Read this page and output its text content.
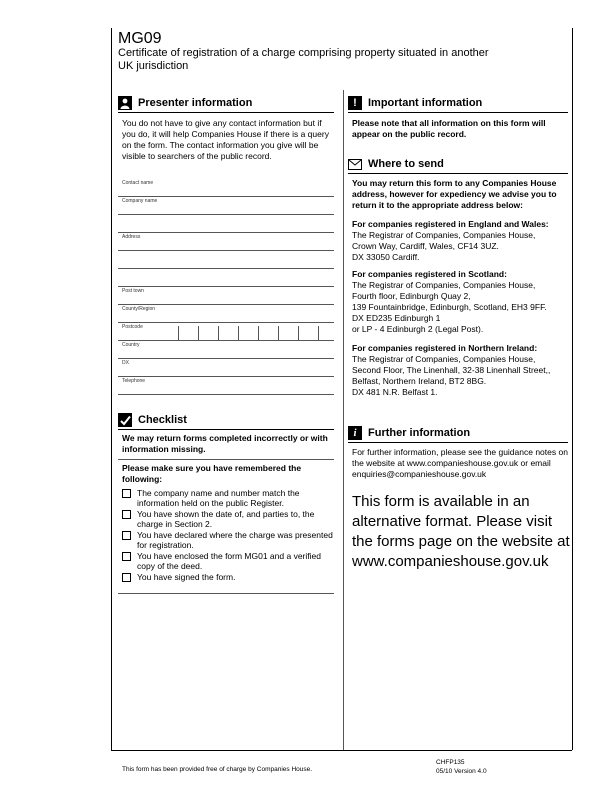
MG09
Certificate of registration of a charge comprising property situated in another UK jurisdiction
Presenter information
You do not have to give any contact information but if you do, it will help Companies House if there is a query on the form. The contact information you give will be visible to searchers of the public record.
Contact name
Company name
Address
Post town
County/Region
Postcode
Country
DX
Telephone
Checklist
We may return forms completed incorrectly or with information missing.
Please make sure you have remembered the following:
The company name and number match the information held on the public Register.
You have shown the date of, and parties to, the charge in Section 2.
You have declared where the charge was presented for registration.
You have enclosed the form MG01 and a verified copy of the deed.
You have signed the form.
!	Important information
Please note that all information on this form will appear on the public record.
Where to send
You may return this form to any Companies House address, however for expediency we advise you to return it to the appropriate address below:
For companies registered in England and Wales:
The Registrar of Companies, Companies House,
Crown Way, Cardiff, Wales, CF14 3UZ.
DX 33050 Cardiff.
For companies registered in Scotland:
The Registrar of Companies, Companies House,
Fourth floor, Edinburgh Quay 2,
139 Fountainbridge, Edinburgh, Scotland, EH3 9FF.
DX ED235 Edinburgh 1
or LP - 4 Edinburgh 2 (Legal Post).
For companies registered in Northern Ireland:
The Registrar of Companies, Companies House,
Second Floor, The Linenhall, 32-38 Linenhall Street,,
Belfast, Northern Ireland, BT2 8BG.
DX 481 N.R. Belfast 1.
i	Further information
For further information, please see the guidance notes on the website at www.companieshouse.gov.uk or email enquiries@companieshouse.gov.uk
This form is available in an alternative format. Please visit the forms page on the website at www.companieshouse.gov.uk
This form has been provided free of charge by Companies House.
CHFP135
05/10 Version 4.0
